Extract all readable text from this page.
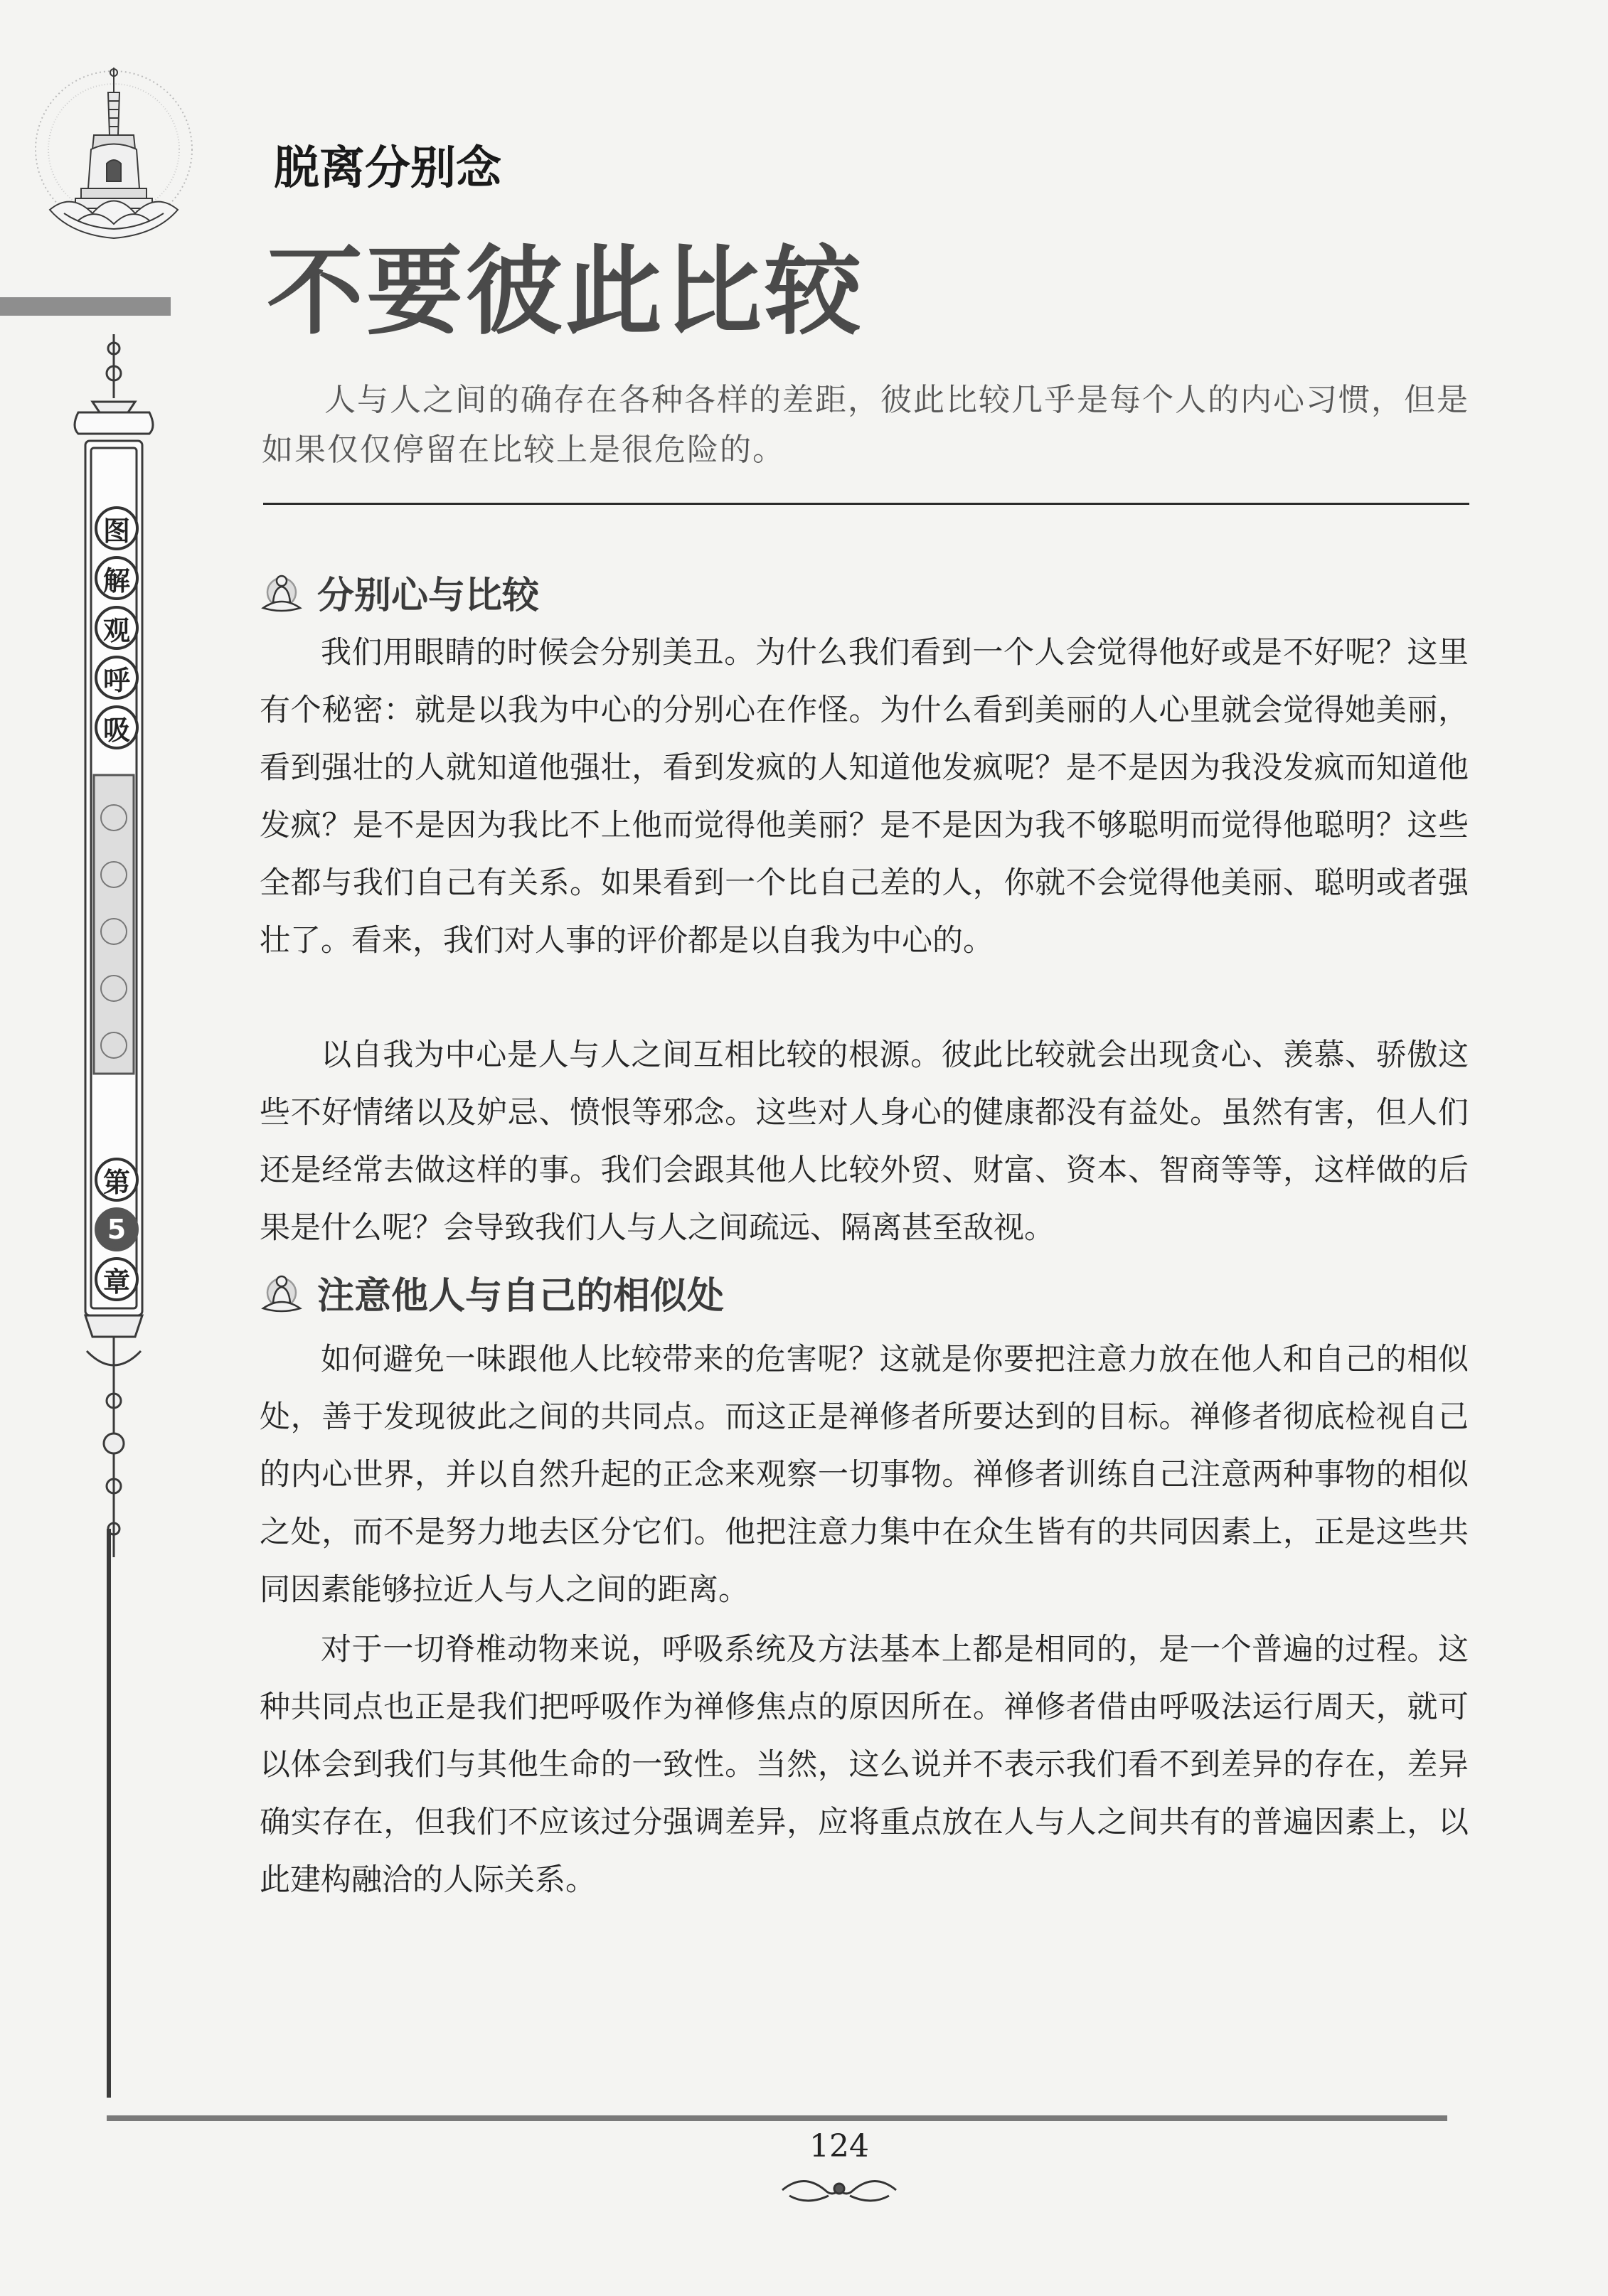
图
解
观
呼
吸
第
5
章
脱离分别念
不要彼此比较
人与人之间的确存在各种各样的差距，彼此比较几乎是每个人的内心习惯，但是如果仅仅停留在比较上是很危险的。
分别心与比较

我们用眼睛的时候会分别美丑。为什么我们看到一个人会觉得他好或是不好呢？这里有个秘密：就是以我为中心的分别心在作怪。为什么看到美丽的人心里就会觉得她美丽，看到强壮的人就知道他强壮，看到发疯的人知道他发疯呢？是不是因为我没发疯而知道他发疯？是不是因为我比不上他而觉得他美丽？是不是因为我不够聪明而觉得他聪明？这些全都与我们自己有关系。如果看到一个比自己差的人，你就不会觉得他美丽、聪明或者强壮了。看来，我们对人事的评价都是以自我为中心的。

以自我为中心是人与人之间互相比较的根源。彼此比较就会出现贪心、羡慕、骄傲这些不好情绪以及妒忌、愤恨等邪念。这些对人身心的健康都没有益处。虽然有害，但人们还是经常去做这样的事。我们会跟其他人比较外贸、财富、资本、智商等等，这样做的后果是什么呢？会导致我们人与人之间疏远、隔离甚至敌视。

注意他人与自己的相似处

如何避免一味跟他人比较带来的危害呢？这就是你要把注意力放在他人和自己的相似处，善于发现彼此之间的共同点。而这正是禅修者所要达到的目标。禅修者彻底检视自己的内心世界，并以自然升起的正念来观察一切事物。禅修者训练自己注意两种事物的相似之处，而不是努力地去区分它们。他把注意力集中在众生皆有的共同因素上，正是这些共同因素能够拉近人与人之间的距离。

对于一切脊椎动物来说，呼吸系统及方法基本上都是相同的，是一个普遍的过程。这种共同点也正是我们把呼吸作为禅修焦点的原因所在。禅修者借由呼吸法运行周天，就可以体会到我们与其他生命的一致性。当然，这么说并不表示我们看不到差异的存在，差异确实存在，但我们不应该过分强调差异，应将重点放在人与人之间共有的普遍因素上，以此建构融洽的人际关系。

124
